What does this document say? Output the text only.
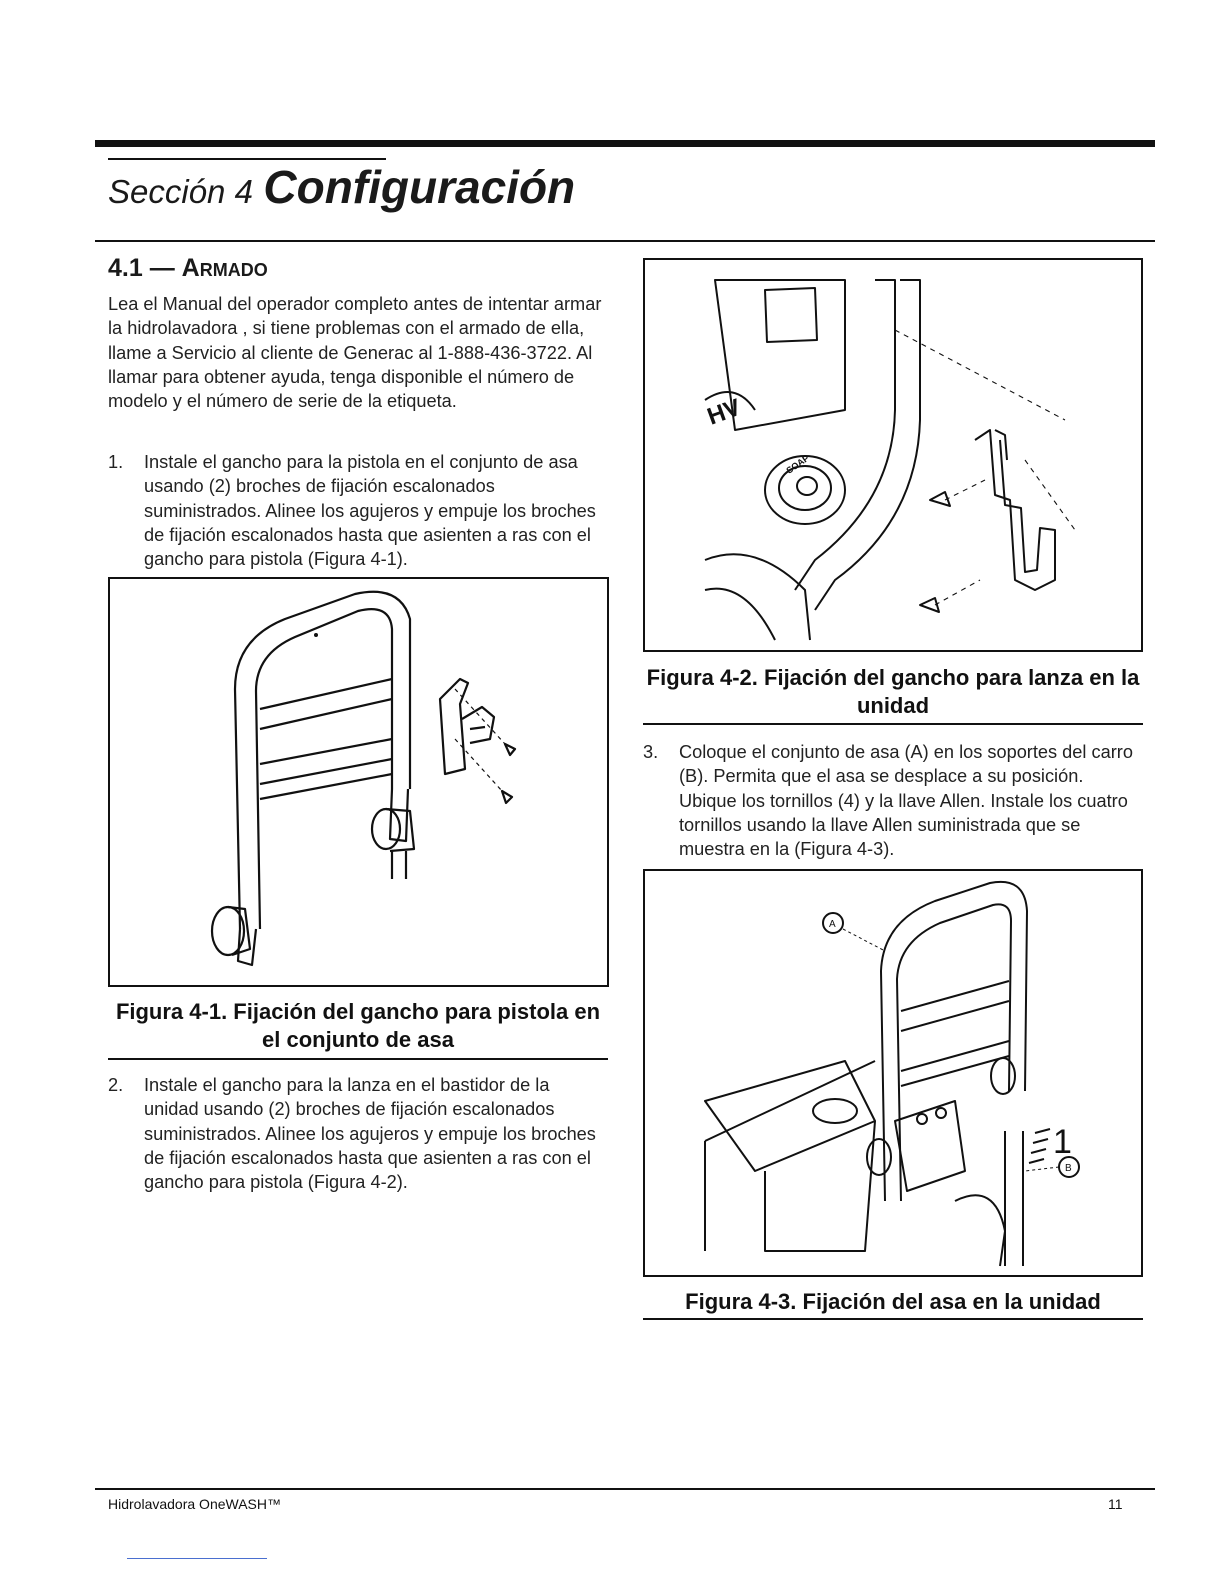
Sección 4 Configuración
4.1 — Armado
Lea el Manual del operador completo antes de intentar armar la hidrolavadora , si tiene problemas con el armado de ella, llame a Servicio al cliente de Generac al 1-888-436-3722. Al llamar para obtener ayuda, tenga disponible el número de modelo y el número de serie de la etiqueta.
1. Instale el gancho para la pistola en el conjunto de asa usando (2) broches de fijación escalonados suministrados. Alinee los agujeros y empuje los broches de fijación escalonados hasta que asienten a ras con el gancho para pistola (Figura 4-1).
Figura 4-1. Fijación del gancho para pistola en el conjunto de asa
2. Instale el gancho para la lanza en el bastidor de la unidad usando (2) broches de fijación escalonados suministrados. Alinee los agujeros y empuje los broches de fijación escalonados hasta que asienten a ras con el gancho para pistola (Figura 4-2).
HV
SOAP
Figura 4-2. Fijación del gancho para lanza en la unidad
3. Coloque el conjunto de asa (A) en los soportes del carro (B). Permita que el asa se desplace a su posición. Ubique los tornillos (4) y la llave Allen. Instale los cuatro tornillos usando la llave Allen suministrada que se muestra en la (Figura 4-3).
A
B
1
Figura 4-3. Fijación del asa en la unidad
Hidrolavadora OneWASH™	11
